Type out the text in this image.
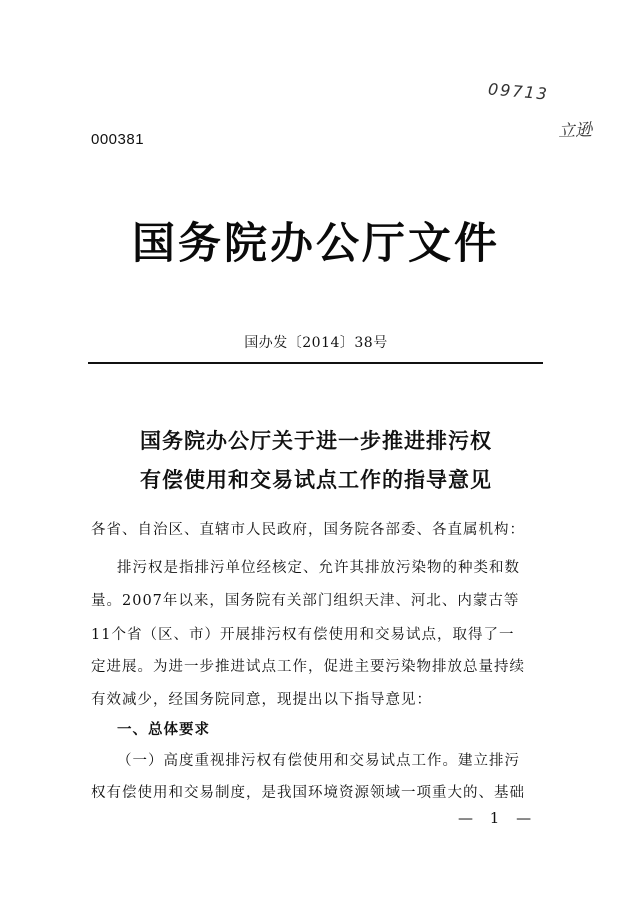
000381
09713
立逊
国务院办公厅文件
国办发〔2014〕38号
国务院办公厅关于进一步推进排污权
有偿使用和交易试点工作的指导意见
各省、自治区、直辖市人民政府，国务院各部委、各直属机构：
排污权是指排污单位经核定、允许其排放污染物的种类和数
量。2007年以来，国务院有关部门组织天津、河北、内蒙古等
11个省（区、市）开展排污权有偿使用和交易试点，取得了一
定进展。为进一步推进试点工作，促进主要污染物排放总量持续
有效减少，经国务院同意，现提出以下指导意见：
一、总体要求
（一）高度重视排污权有偿使用和交易试点工作。建立排污
权有偿使用和交易制度，是我国环境资源领域一项重大的、基础
— 1 —
